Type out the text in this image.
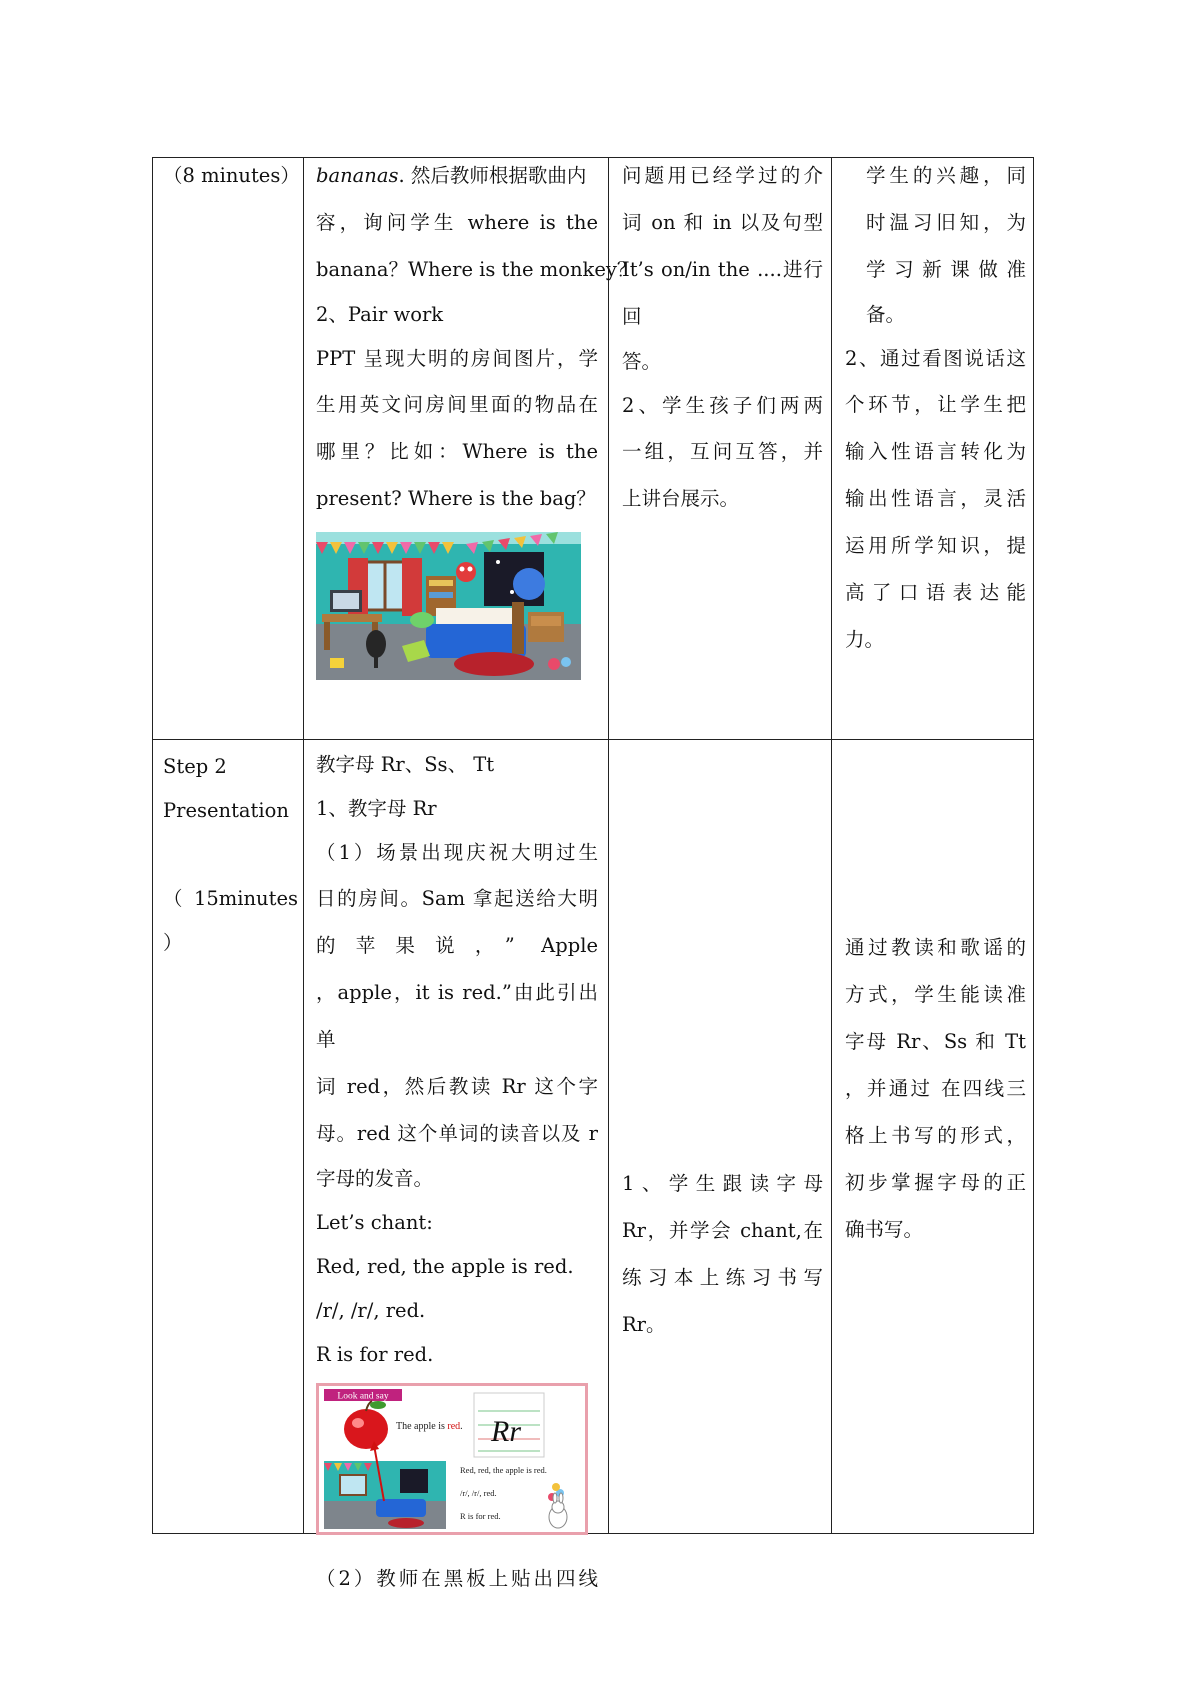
（8 minutes） bananas. 然后教师根据歌曲内

容，询问学生 where is the

banana？Where is the monkey？

2、Pair work

PPT 呈现大明的房间图片，学

生用英文问房间里面的物品在

哪里？比如：Where is the

present? Where is the bag？

问题用已经学过的介

词 on 和 in 以及句型

It’s on/in the ....进行回

答。

2、学生孩子们两两

一组，互问互答，并

上讲台展示。

学生的兴趣，同

时温习旧知，为

学习新课做准

备。

2、通过看图说话这

个环节，让学生把

输入性语言转化为

输出性语言，灵活

运用所学知识，提

高了口语表达能

力。

Step 2

Presentation

（ 15minutes

）

教字母 Rr、Ss、 Tt

1、教字母 Rr

（1）场景出现庆祝大明过生

日的房间。Sam 拿起送给大明

的苹果说，” Apple

，apple，it is red.”由此引出单

词 red，然后教读 Rr 这个字

母。red 这个单词的读音以及 r

字母的发音。

Let’s chant:

Red, red, the apple is red.

/r/, /r/, red.

R is for red.

Look and say
The apple is red. Rr
Red, red, the apple is red.
/r/, /r/, red.
R is for red.

（2）教师在黑板上贴出四线

1、学生跟读字母

Rr，并学会 chant,在

练习本上练习书写

Rr。

通过教读和歌谣的

方式，学生能读准

字母 Rr、Ss 和 Tt

，并通过 在四线三

格上书写的形式，

初步掌握字母的正

确书写。
